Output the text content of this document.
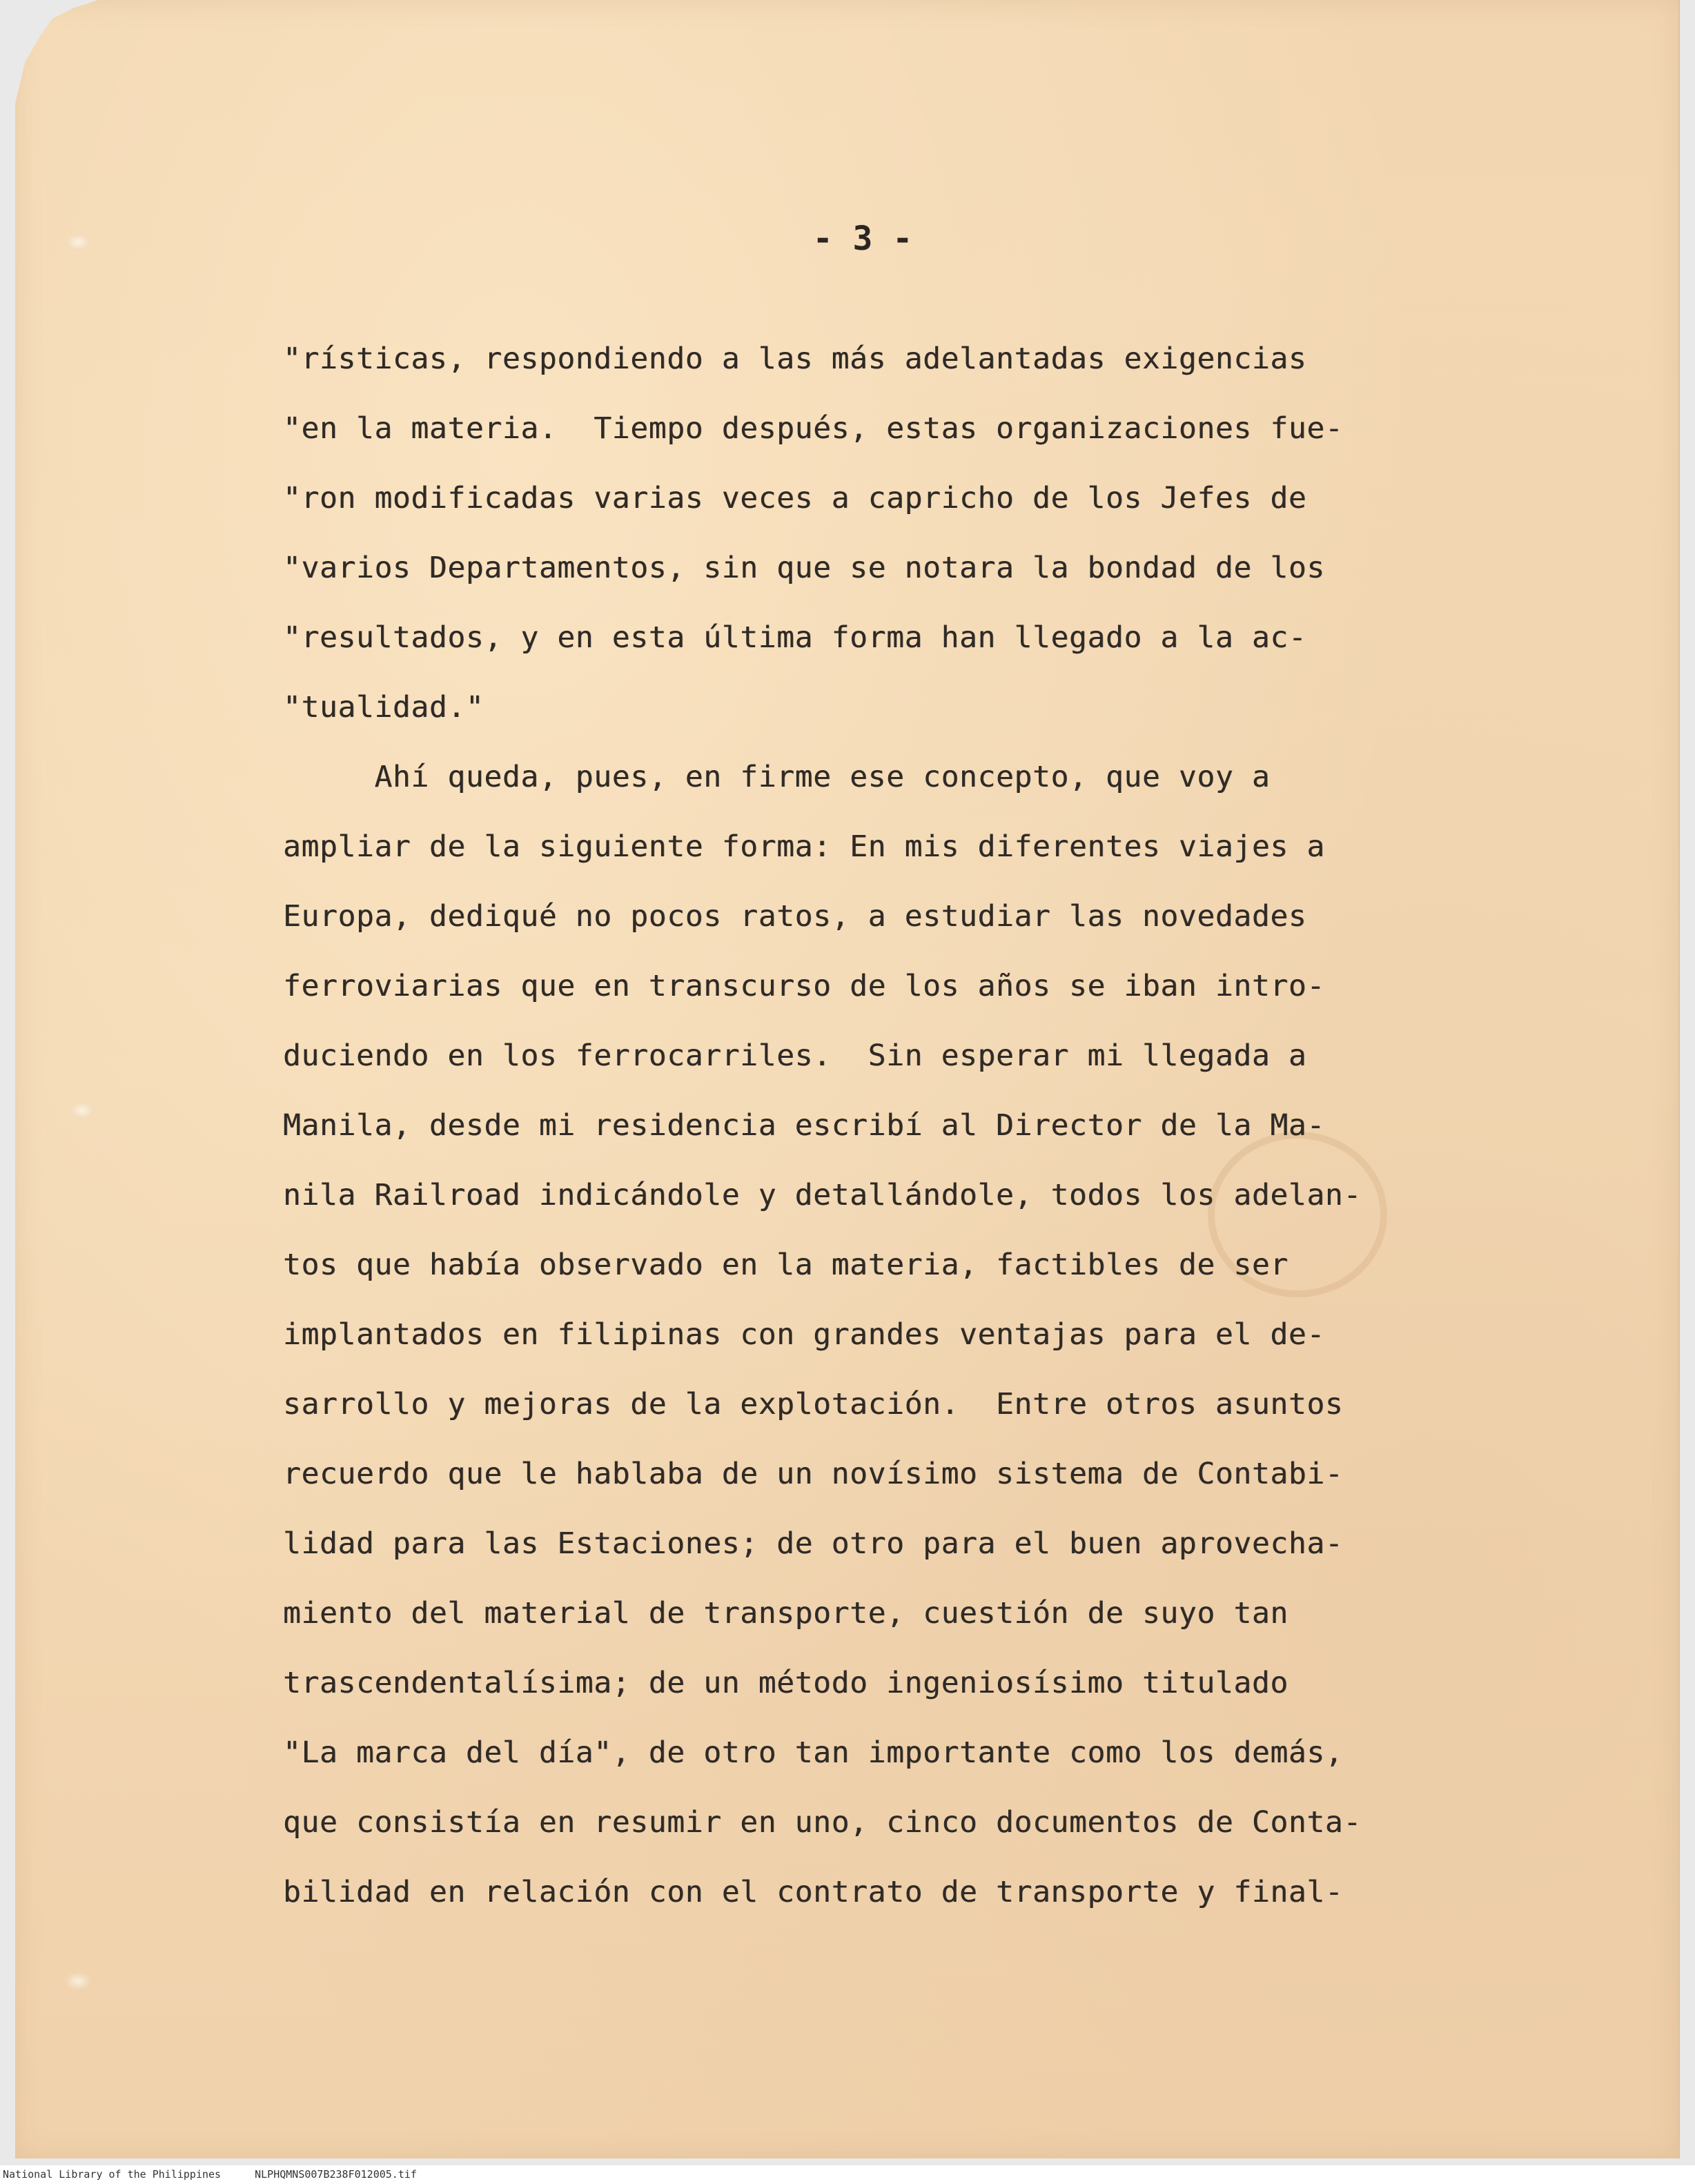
- 3 -
"rísticas, respondiendo a las más adelantadas exigencias
"en la materia.  Tiempo después, estas organizaciones fue-
"ron modificadas varias veces a capricho de los Jefes de
"varios Departamentos, sin que se notara la bondad de los
"resultados, y en esta última forma han llegado a la ac-
"tualidad."
Ahí queda, pues, en firme ese concepto, que voy a
ampliar de la siguiente forma: En mis diferentes viajes a
Europa, dediqué no pocos ratos, a estudiar las novedades
ferroviarias que en transcurso de los años se iban intro-
duciendo en los ferrocarriles.  Sin esperar mi llegada a
Manila, desde mi residencia escribí al Director de la Ma-
nila Railroad indicándole y detallándole, todos los adelan-
tos que había observado en la materia, factibles de ser
implantados en filipinas con grandes ventajas para el de-
sarrollo y mejoras de la explotación.  Entre otros asuntos
recuerdo que le hablaba de un novísimo sistema de Contabi-
lidad para las Estaciones; de otro para el buen aprovecha-
miento del material de transporte, cuestión de suyo tan
trascendentalísima; de un método ingeniosísimo titulado
"La marca del día", de otro tan importante como los demás,
que consistía en resumir en uno, cinco documentos de Conta-
bilidad en relación con el contrato de transporte y final-
National Library of the Philippines	NLPHQMNS007B238F012005.tif
